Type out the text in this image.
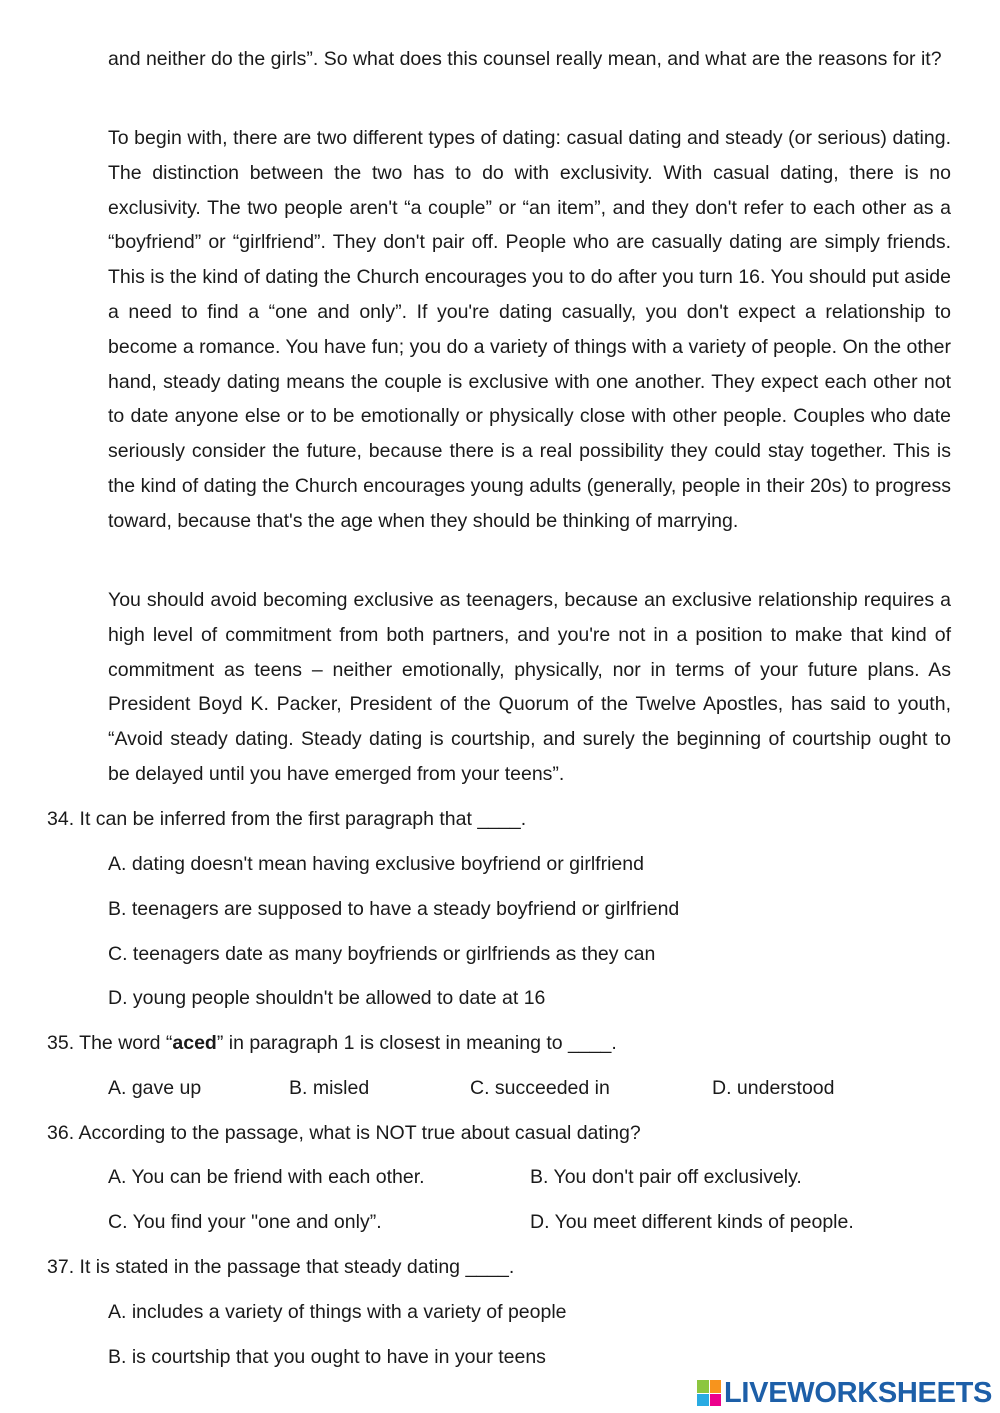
and neither do the girls”. So what does this counsel really mean, and what are the reasons for it?

To begin with, there are two different types of dating: casual dating and steady (or serious) dating. The distinction between the two has to do with exclusivity. With casual dating, there is no exclusivity. The two people aren't “a couple” or “an item”, and they don't refer to each other as a “boyfriend” or “girlfriend”. They don't pair off. People who are casually dating are simply friends. This is the kind of dating the Church encourages you to do after you turn 16. You should put aside a need to find a “one and only”. If you're dating casually, you don't expect a relationship to become a romance. You have fun; you do a variety of things with a variety of people. On the other hand, steady dating means the couple is exclusive with one another. They expect each other not to date anyone else or to be emotionally or physically close with other people. Couples who date seriously consider the future, because there is a real possibility they could stay together. This is the kind of dating the Church encourages young adults (generally, people in their 20s) to progress toward, because that's the age when they should be thinking of marrying.

You should avoid becoming exclusive as teenagers, because an exclusive relationship requires a high level of commitment from both partners, and you're not in a position to make that kind of commitment as teens – neither emotionally, physically, nor in terms of your future plans. As President Boyd K. Packer, President of the Quorum of the Twelve Apostles, has said to youth, “Avoid steady dating. Steady dating is courtship, and surely the beginning of courtship ought to be delayed until you have emerged from your teens”.

34. It can be inferred from the first paragraph that ____.

A. dating doesn't mean having exclusive boyfriend or girlfriend

B. teenagers are supposed to have a steady boyfriend or girlfriend

C. teenagers date as many boyfriends or girlfriends as they can

D. young people shouldn't be allowed to date at 16

35. The word “aced” in paragraph 1 is closest in meaning to ____.

A. gave up	B. misled	C. succeeded in	D. understood

36. According to the passage, what is NOT true about casual dating?

A. You can be friend with each other.	B. You don't pair off exclusively.

C. You find your "one and only”.	D. You meet different kinds of people.

37. It is stated in the passage that steady dating ____.

A. includes a variety of things with a variety of people

B. is courtship that you ought to have in your teens

LIVEWORKSHEETS
